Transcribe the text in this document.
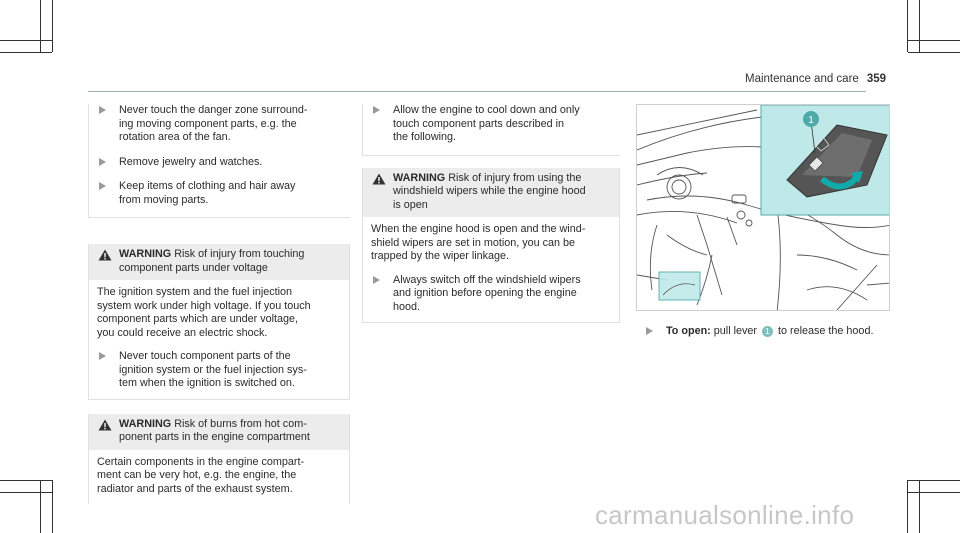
Maintenance and care 359
Never touch the danger zone surround-
ing moving component parts, e.g. the
rotation area of the fan.
Remove jewelry and watches.
Keep items of clothing and hair away
from moving parts.
WARNING Risk of injury from touching
component parts under voltage
The ignition system and the fuel injection
system work under high voltage. If you touch
component parts which are under voltage,
you could receive an electric shock.
Never touch component parts of the
ignition system or the fuel injection sys-
tem when the ignition is switched on.
WARNING Risk of burns from hot com-
ponent parts in the engine compartment
Certain components in the engine compart-
ment can be very hot, e.g. the engine, the
radiator and parts of the exhaust system.
Allow the engine to cool down and only
touch component parts described in
the following.
WARNING Risk of injury from using the
windshield wipers while the engine hood
is open
When the engine hood is open and the wind-
shield wipers are set in motion, you can be
trapped by the wiper linkage.
Always switch off the windshield wipers
and ignition before opening the engine
hood.
1
To open: pull lever 1 to release the hood.
carmanualsonline.info
